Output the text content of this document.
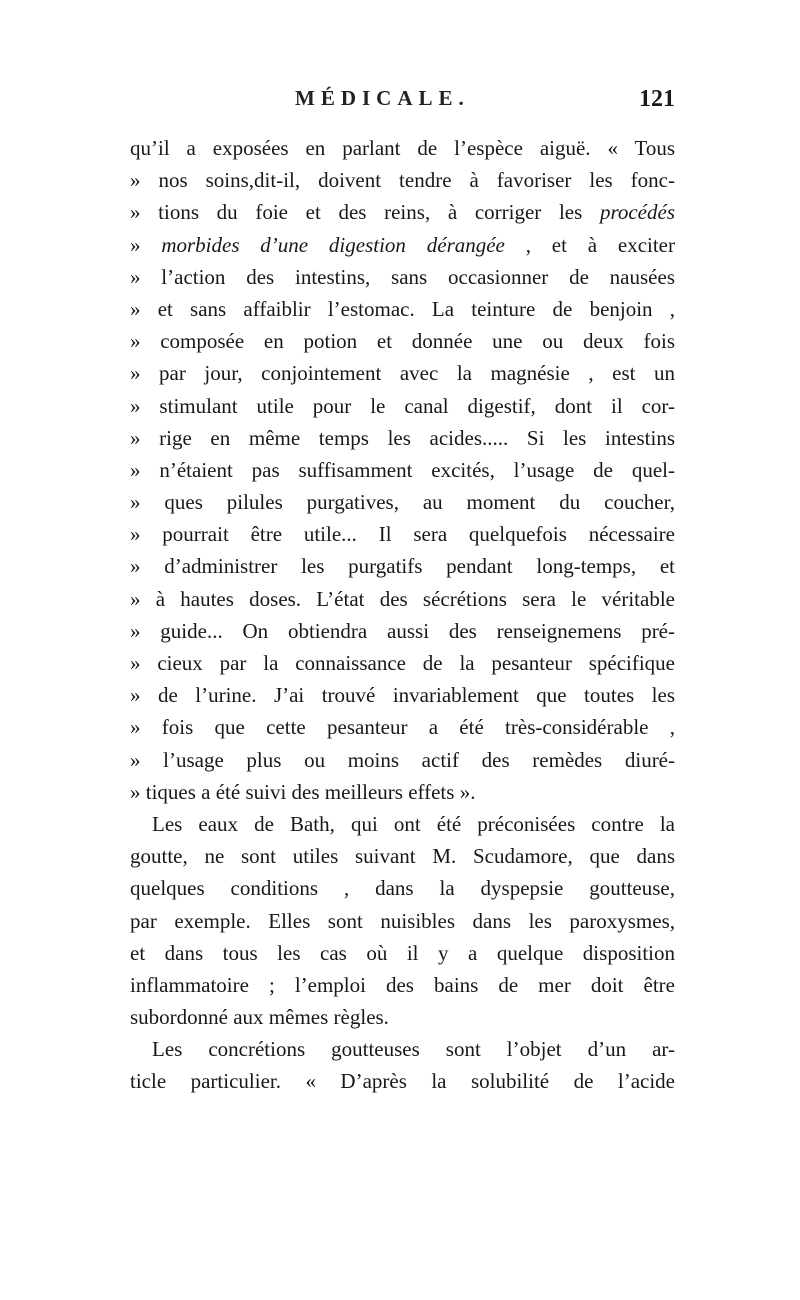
MÉDICALE.	121
qu’il a exposées en parlant de l’espèce aiguë. « Tous
» nos soins,dit-il, doivent tendre à favoriser les fonc-
» tions du foie et des reins, à corriger les procédés
» morbides d’une digestion dérangée , et à exciter
» l’action des intestins, sans occasionner de nausées
» et sans affaiblir l’estomac. La teinture de benjoin ,
» composée en potion et donnée une ou deux fois
» par jour, conjointement avec la magnésie , est un
» stimulant utile pour le canal digestif, dont il cor-
» rige en même temps les acides..... Si les intestins
» n’étaient pas suffisamment excités, l’usage de quel-
» ques pilules purgatives, au moment du coucher,
» pourrait être utile... Il sera quelquefois nécessaire
» d’administrer les purgatifs pendant long-temps, et
» à hautes doses. L’état des sécrétions sera le véritable
» guide... On obtiendra aussi des renseignemens pré-
» cieux par la connaissance de la pesanteur spécifique
» de l’urine. J’ai trouvé invariablement que toutes les
» fois que cette pesanteur a été très-considérable ,
» l’usage plus ou moins actif des remèdes diuré-
» tiques a été suivi des meilleurs effets ».
Les eaux de Bath, qui ont été préconisées contre la
goutte, ne sont utiles suivant M. Scudamore, que dans
quelques conditions , dans la dyspepsie goutteuse,
par exemple. Elles sont nuisibles dans les paroxysmes,
et dans tous les cas où il y a quelque disposition
inflammatoire ; l’emploi des bains de mer doit être
subordonné aux mêmes règles.
Les concrétions goutteuses sont l’objet d’un ar-
ticle particulier. « D’après la solubilité de l’acide
